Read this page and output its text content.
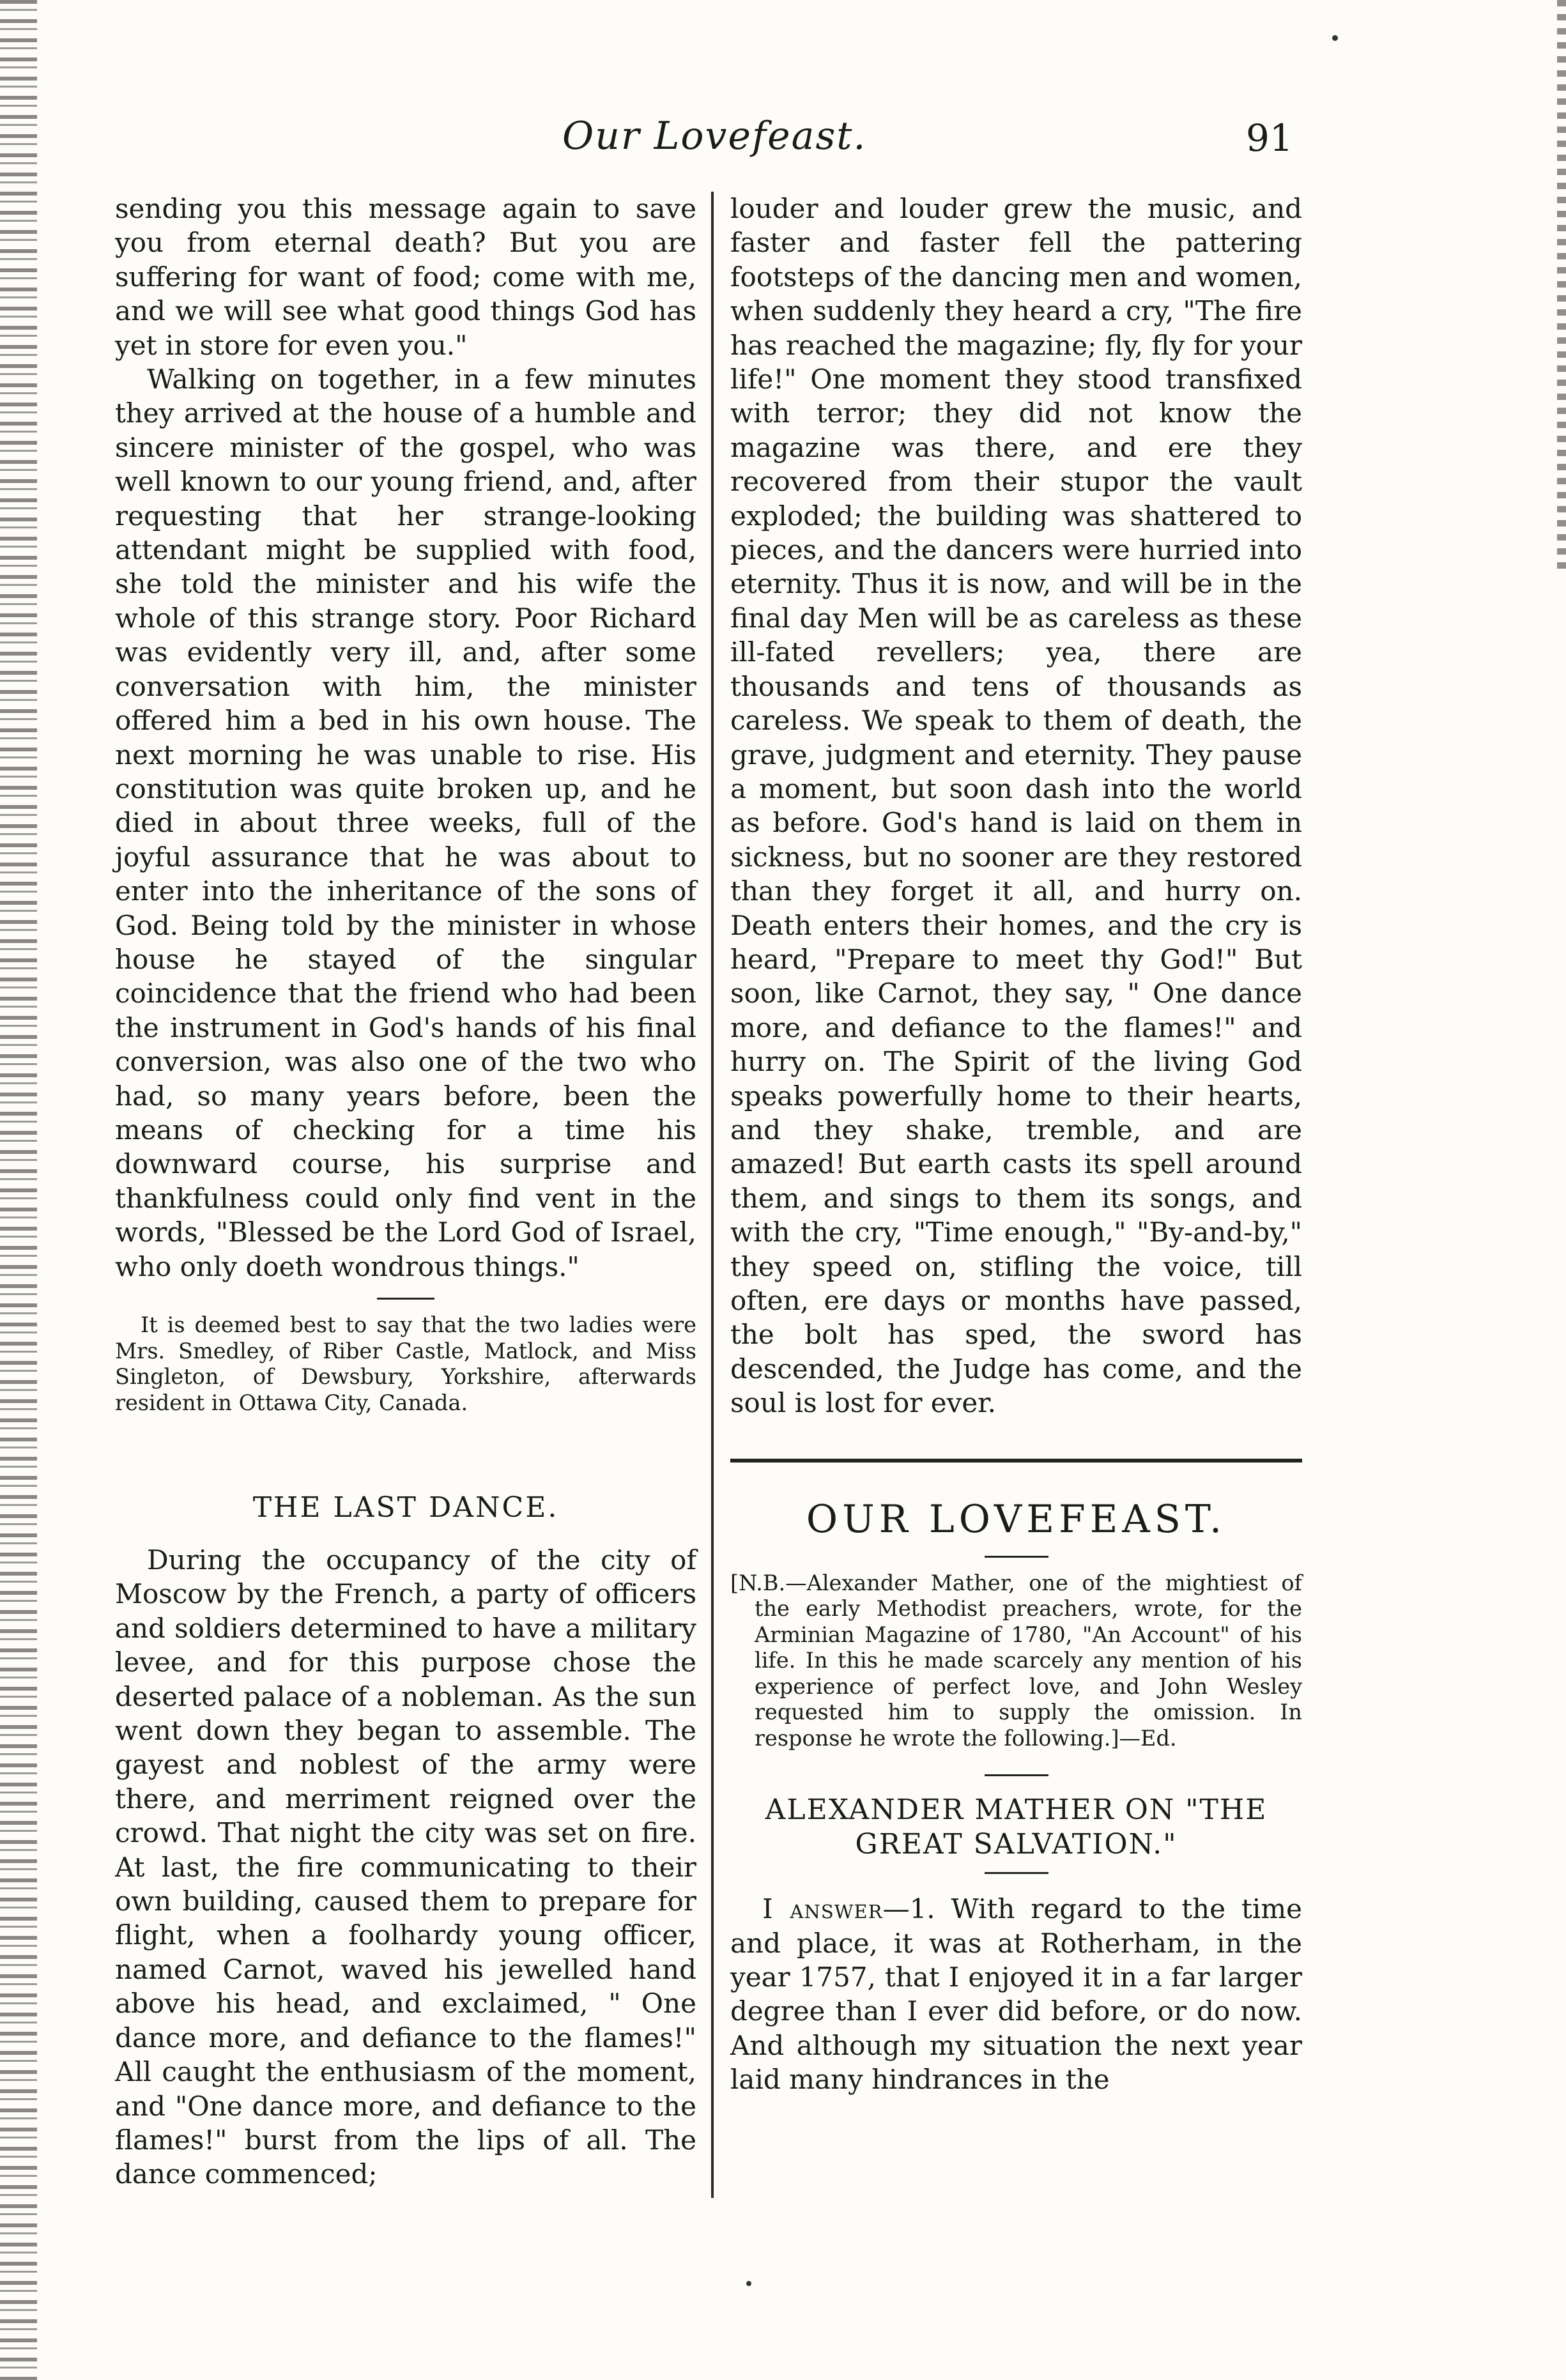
Our Lovefeast.	91

sending you this message again to save you from eternal death? But you are suffering for want of food; come with me, and we will see what good things God has yet in store for even you."

Walking on together, in a few minutes they arrived at the house of a humble and sincere minister of the gospel, who was well known to our young friend, and, after requesting that her strange-looking attendant might be supplied with food, she told the minister and his wife the whole of this strange story. Poor Richard was evidently very ill, and, after some conversation with him, the minister offered him a bed in his own house. The next morning he was unable to rise. His constitution was quite broken up, and he died in about three weeks, full of the joyful assurance that he was about to enter into the inheritance of the sons of God. Being told by the minister in whose house he stayed of the singular coincidence that the friend who had been the instrument in God's hands of his final conversion, was also one of the two who had, so many years before, been the means of checking for a time his downward course, his surprise and thankfulness could only find vent in the words, "Blessed be the Lord God of Israel, who only doeth wondrous things."

It is deemed best to say that the two ladies were Mrs. Smedley, of Riber Castle, Matlock, and Miss Singleton, of Dewsbury, Yorkshire, afterwards resident in Ottawa City, Canada.

THE LAST DANCE.

During the occupancy of the city of Moscow by the French, a party of officers and soldiers determined to have a military levee, and for this purpose chose the deserted palace of a nobleman. As the sun went down they began to assemble. The gayest and noblest of the army were there, and merriment reigned over the crowd. That night the city was set on fire. At last, the fire communicating to their own building, caused them to prepare for flight, when a foolhardy young officer, named Carnot, waved his jewelled hand above his head, and exclaimed, " One dance more, and defiance to the flames!" All caught the enthusiasm of the moment, and "One dance more, and defiance to the flames!" burst from the lips of all. The dance commenced;

louder and louder grew the music, and faster and faster fell the pattering footsteps of the dancing men and women, when suddenly they heard a cry, "The fire has reached the magazine; fly, fly for your life!" One moment they stood transfixed with terror; they did not know the magazine was there, and ere they recovered from their stupor the vault exploded; the building was shattered to pieces, and the dancers were hurried into eternity. Thus it is now, and will be in the final day Men will be as careless as these ill-fated revellers; yea, there are thousands and tens of thousands as careless. We speak to them of death, the grave, judgment and eternity. They pause a moment, but soon dash into the world as before. God's hand is laid on them in sickness, but no sooner are they restored than they forget it all, and hurry on. Death enters their homes, and the cry is heard, "Prepare to meet thy God!" But soon, like Carnot, they say, " One dance more, and defiance to the flames!" and hurry on. The Spirit of the living God speaks powerfully home to their hearts, and they shake, tremble, and are amazed! But earth casts its spell around them, and sings to them its songs, and with the cry, "Time enough," "By-and-by," they speed on, stifling the voice, till often, ere days or months have passed, the bolt has sped, the sword has descended, the Judge has come, and the soul is lost for ever.

OUR LOVEFEAST.

[N.B.—Alexander Mather, one of the mightiest of the early Methodist preachers, wrote, for the Arminian Magazine of 1780, "An Account" of his life. In this he made scarcely any mention of his experience of perfect love, and John Wesley requested him to supply the omission. In response he wrote the following.]—Ed.

ALEXANDER MATHER ON "THE
GREAT SALVATION."

I answer—1. With regard to the time and place, it was at Rotherham, in the year 1757, that I enjoyed it in a far larger degree than I ever did before, or do now. And although my situation the next year laid many hindrances in the
